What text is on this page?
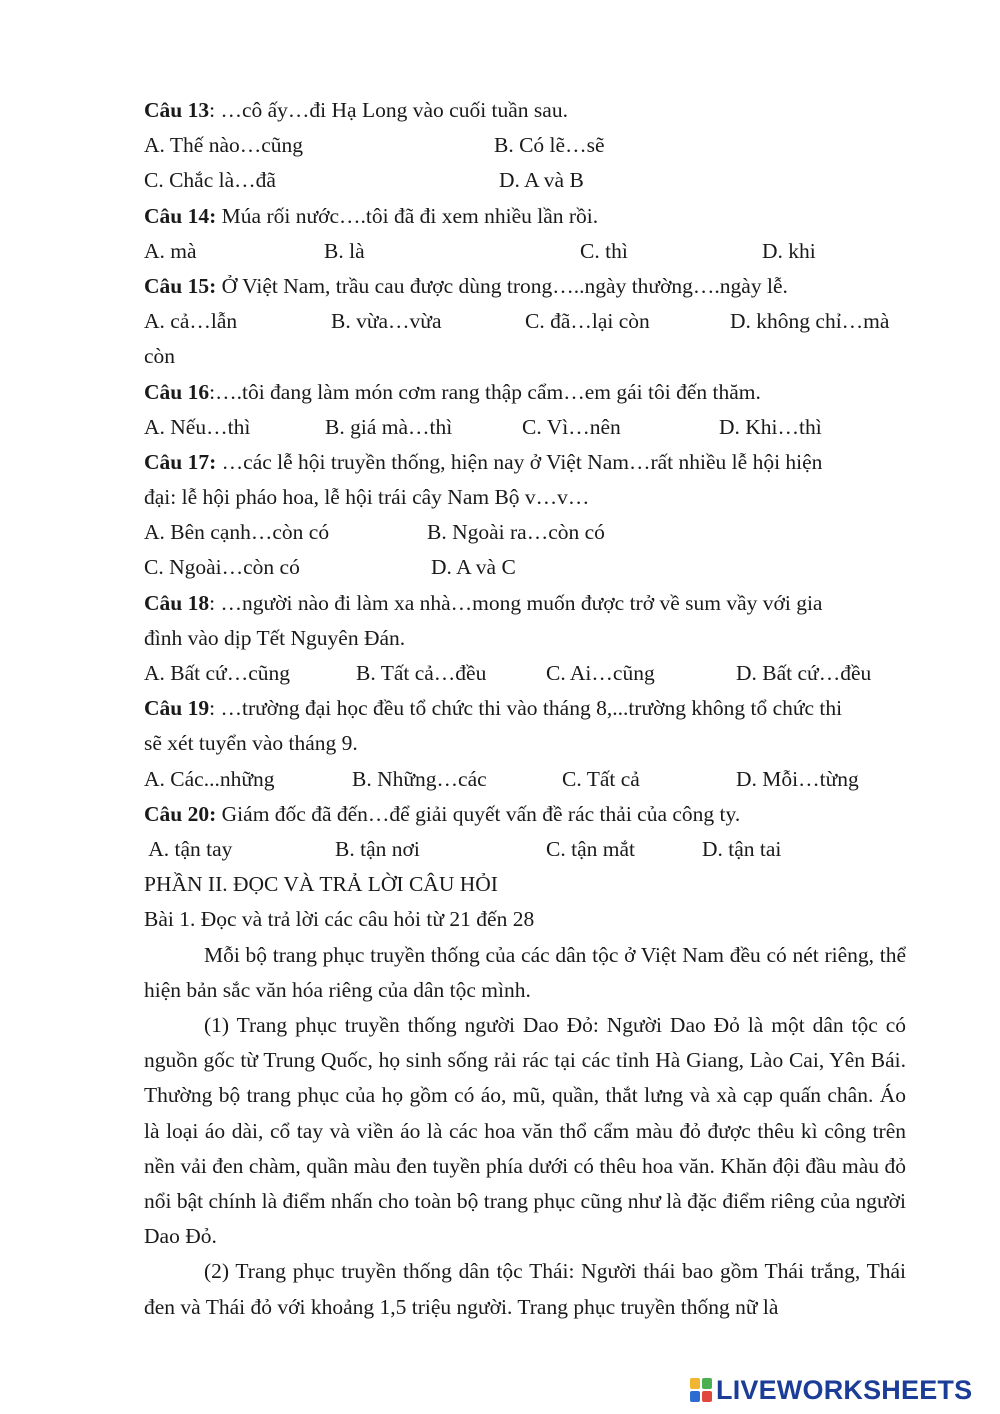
Câu 13: …cô ấy…đi Hạ Long vào cuối tuần sau.
A. Thế nào…cũng	B. Có lẽ…sẽ
C. Chắc là…đã	D. A và B
Câu 14: Múa rối nước….tôi đã đi xem nhiều lần rồi.
A. mà	B. là	C. thì	D. khi
Câu 15: Ở Việt Nam, trầu cau được dùng trong…..ngày thường….ngày lễ.
A. cả…lẫn	B. vừa…vừa	C. đã…lại còn	D. không chỉ…mà
còn
Câu 16:….tôi đang làm món cơm rang thập cẩm…em gái tôi đến thăm.
A. Nếu…thì	B. giá mà…thì	C. Vì…nên	D. Khi…thì
Câu 17: …các lễ hội truyền thống, hiện nay ở Việt Nam…rất nhiều lễ hội hiện
đại: lễ hội pháo hoa, lễ hội trái cây Nam Bộ v…v…
A. Bên cạnh…còn có	B. Ngoài ra…còn có
C. Ngoài…còn có	D. A và C
Câu 18: …người nào đi làm xa nhà…mong muốn được trở về sum vầy với gia
đình vào dịp Tết Nguyên Đán.
A. Bất cứ…cũng	B. Tất cả…đều	C. Ai…cũng	D. Bất cứ…đều
Câu 19: …trường đại học đều tổ chức thi vào tháng 8,...trường không tổ chức thi
sẽ xét tuyển vào tháng 9.
A. Các...những	B. Những…các	C. Tất cả	D. Mỗi…từng
Câu 20: Giám đốc đã đến…để giải quyết vấn đề rác thải của công ty.
A. tận tay	B. tận nơi	C. tận mắt	D. tận tai
PHẦN II. ĐỌC VÀ TRẢ LỜI CÂU HỎI
Bài 1. Đọc và trả lời các câu hỏi từ 21 đến 28

Mỗi bộ trang phục truyền thống của các dân tộc ở Việt Nam đều có nét riêng, thể hiện bản sắc văn hóa riêng của dân tộc mình.

(1) Trang phục truyền thống người Dao Đỏ: Người Dao Đỏ là một dân tộc có nguồn gốc từ Trung Quốc, họ sinh sống rải rác tại các tỉnh Hà Giang, Lào Cai, Yên Bái. Thường bộ trang phục của họ gồm có áo, mũ, quần, thắt lưng và xà cạp quấn chân. Áo là loại áo dài, cổ tay và viền áo là các hoa văn thổ cẩm màu đỏ được thêu kì công trên nền vải đen chàm, quần màu đen tuyền phía dưới có thêu hoa văn. Khăn đội đầu màu đỏ nổi bật chính là điểm nhấn cho toàn bộ trang phục cũng như là đặc điểm riêng của người Dao Đỏ.

(2) Trang phục truyền thống dân tộc Thái: Người thái bao gồm Thái trắng, Thái đen và Thái đỏ với khoảng 1,5 triệu người. Trang phục truyền thống nữ là

LIVEWORKSHEETS
